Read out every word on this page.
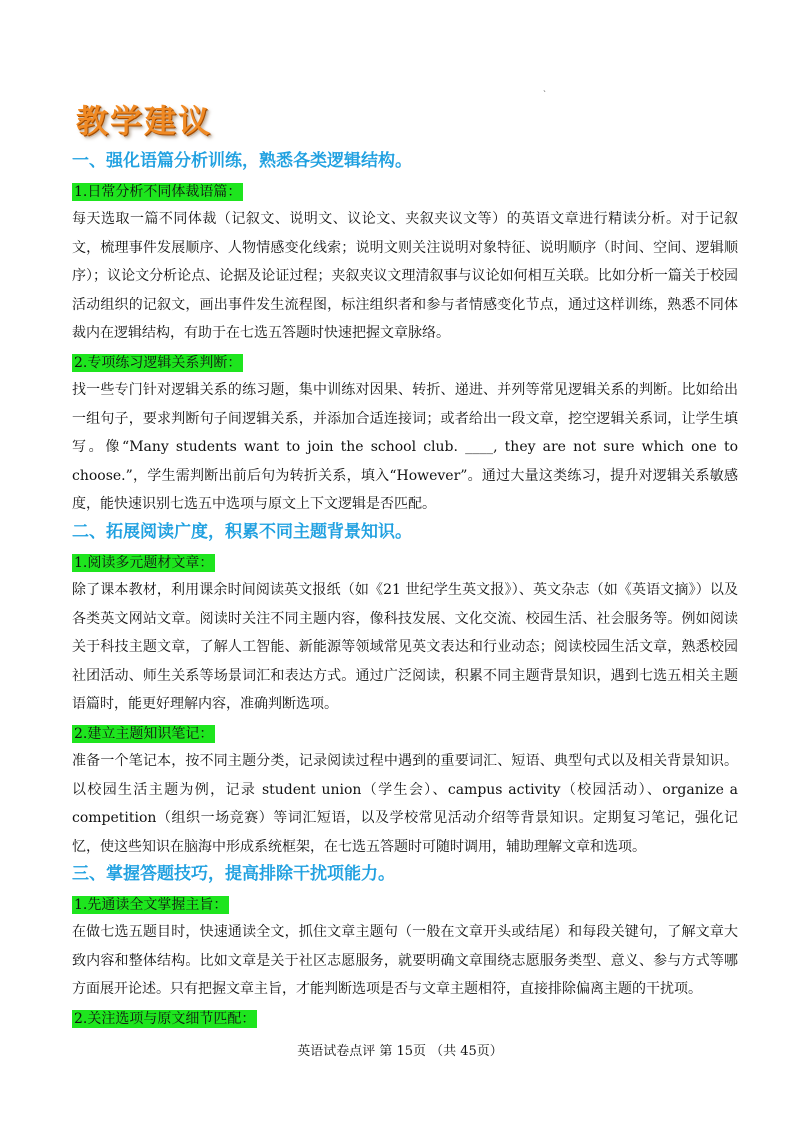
ˎ
教学建议
一、强化语篇分析训练，熟悉各类逻辑结构。
1.日常分析不同体裁语篇：

每天选取一篇不同体裁（记叙文、说明文、议论文、夹叙夹议文等）的英语文章进行精读分析。对于记叙文，梳理事件发展顺序、人物情感变化线索；说明文则关注说明对象特征、说明顺序（时间、空间、逻辑顺序）；议论文分析论点、论据及论证过程；夹叙夹议文理清叙事与议论如何相互关联。比如分析一篇关于校园活动组织的记叙文，画出事件发生流程图，标注组织者和参与者情感变化节点，通过这样训练，熟悉不同体裁内在逻辑结构，有助于在七选五答题时快速把握文章脉络。

2.专项练习逻辑关系判断：

找一些专门针对逻辑关系的练习题，集中训练对因果、转折、递进、并列等常见逻辑关系的判断。比如给出一组句子，要求判断句子间逻辑关系，并添加合适连接词；或者给出一段文章，挖空逻辑关系词，让学生填写。像“Many students want to join the school club. ____, they are not sure which one to choose.”，学生需判断出前后句为转折关系，填入“However”。通过大量这类练习，提升对逻辑关系敏感度，能快速识别七选五中选项与原文上下文逻辑是否匹配。

二、拓展阅读广度，积累不同主题背景知识。
1.阅读多元题材文章：

除了课本教材，利用课余时间阅读英文报纸（如《21 世纪学生英文报》）、英文杂志（如《英语文摘》）以及各类英文网站文章。阅读时关注不同主题内容，像科技发展、文化交流、校园生活、社会服务等。例如阅读关于科技主题文章，了解人工智能、新能源等领域常见英文表达和行业动态；阅读校园生活文章，熟悉校园社团活动、师生关系等场景词汇和表达方式。通过广泛阅读，积累不同主题背景知识，遇到七选五相关主题语篇时，能更好理解内容，准确判断选项。

2.建立主题知识笔记：

准备一个笔记本，按不同主题分类，记录阅读过程中遇到的重要词汇、短语、典型句式以及相关背景知识。以校园生活主题为例，记录 student union（学生会）、campus activity（校园活动）、organize a competition（组织一场竞赛）等词汇短语，以及学校常见活动介绍等背景知识。定期复习笔记，强化记忆，使这些知识在脑海中形成系统框架，在七选五答题时可随时调用，辅助理解文章和选项。

三、掌握答题技巧，提高排除干扰项能力。
1.先通读全文掌握主旨：

在做七选五题目时，快速通读全文，抓住文章主题句（一般在文章开头或结尾）和每段关键句，了解文章大致内容和整体结构。比如文章是关于社区志愿服务，就要明确文章围绕志愿服务类型、意义、参与方式等哪方面展开论述。只有把握文章主旨，才能判断选项是否与文章主题相符，直接排除偏离主题的干扰项。

2.关注选项与原文细节匹配：
英语试卷点评 第 15页 （共 45页）
